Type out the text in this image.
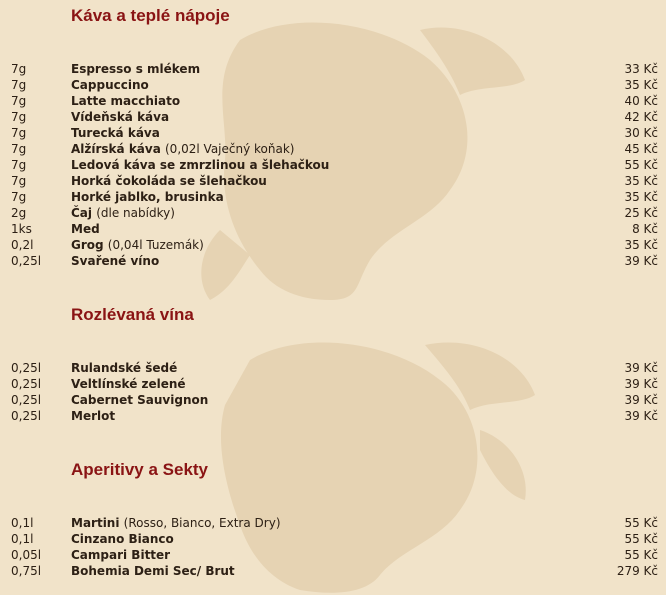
Káva a teplé nápoje
7g	Espresso s mlékem	33 Kč
7g	Cappuccino	35 Kč
7g	Latte macchiato	40 Kč
7g	Vídeňská káva	42 Kč
7g	Turecká káva	30 Kč
7g	Alžírská káva (0,02l Vaječný koňak)	45 Kč
7g	Ledová káva se zmrzlinou a šlehačkou	55 Kč
7g	Horká čokoláda se šlehačkou	35 Kč
7g	Horké jablko, brusinka	35 Kč
2g	Čaj (dle nabídky)	25 Kč
1ks	Med	8 Kč
0,2l	Grog (0,04l Tuzemák)	35 Kč
0,25l Svařené víno	39 Kč
Rozlévaná vína
0,25l Rulandské šedé	39 Kč
0,25l Veltlínské zelené	39 Kč
0,25l Cabernet Sauvignon	39 Kč
0,25l Merlot	39 Kč
Aperitivy a Sekty
0,1l	Martini (Rosso, Bianco, Extra Dry)	55 Kč
0,1l	Cinzano Bianco	55 Kč
0,05l Campari Bitter	55 Kč
0,75l Bohemia Demi Sec/ Brut	279 Kč
